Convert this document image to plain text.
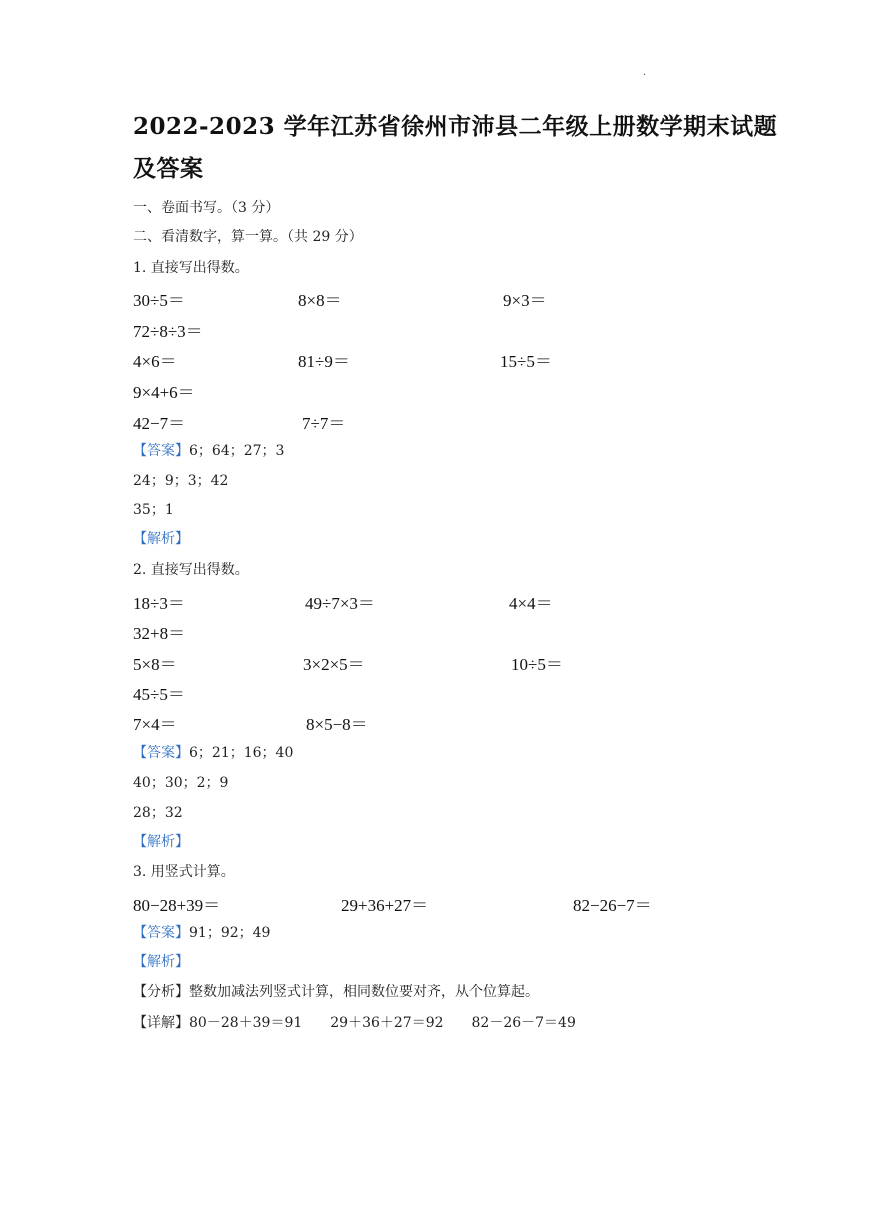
·
2022-2023 学年江苏省徐州市沛县二年级上册数学期末试题
及答案
一、卷面书写。（3 分）
二、看清数字，算一算。（共 29 分）
1. 直接写出得数。
30÷5＝	8×8＝	9×3＝
72÷8÷3＝
4×6＝	81÷9＝	15÷5＝
9×4+6＝
42−7＝	7÷7＝
【答案】6；64；27；3
24；9；3；42
35；1
【解析】
2. 直接写出得数。
18÷3＝	49÷7×3＝	4×4＝
32+8＝
5×8＝	3×2×5＝	10÷5＝
45÷5＝
7×4＝	8×5−8＝
【答案】6；21；16；40
40；30；2；9
28；32
【解析】
3. 用竖式计算。
80−28+39＝	29+36+27＝	82−26−7＝
【答案】91；92；49
【解析】
【分析】整数加减法列竖式计算，相同数位要对齐，从个位算起。
【详解】80－28＋39＝91　　29＋36＋27＝92　　82－26－7＝49
